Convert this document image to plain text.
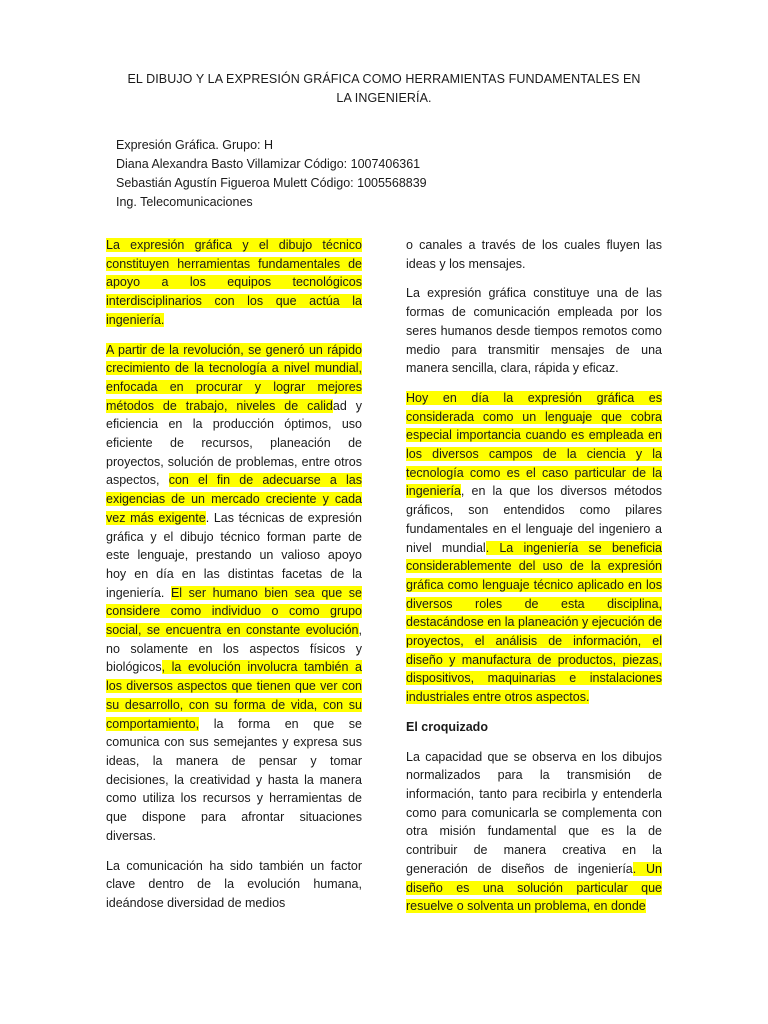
EL DIBUJO Y LA EXPRESIÓN GRÁFICA COMO HERRAMIENTAS FUNDAMENTALES EN LA INGENIERÍA.
Expresión Gráfica. Grupo: H
Diana Alexandra Basto Villamizar Código: 1007406361
Sebastián Agustín Figueroa Mulett Código: 1005568839
Ing. Telecomunicaciones

La expresión gráfica y el dibujo técnico constituyen herramientas fundamentales de apoyo a los equipos tecnológicos interdisciplinarios con los que actúa la ingeniería.

A partir de la revolución, se generó un rápido crecimiento de la tecnología a nivel mundial, enfocada en procurar y lograr mejores métodos de trabajo, niveles de calidad y eficiencia en la producción óptimos, uso eficiente de recursos, planeación de proyectos, solución de problemas, entre otros aspectos, con el fin de adecuarse a las exigencias de un mercado creciente y cada vez más exigente. Las técnicas de expresión gráfica y el dibujo técnico forman parte de este lenguaje, prestando un valioso apoyo hoy en día en las distintas facetas de la ingeniería. El ser humano bien sea que se considere como individuo o como grupo social, se encuentra en constante evolución, no solamente en los aspectos físicos y biológicos, la evolución involucra también a los diversos aspectos que tienen que ver con su desarrollo, con su forma de vida, con su comportamiento, la forma en que se comunica con sus semejantes y expresa sus ideas, la manera de pensar y tomar decisiones, la creatividad y hasta la manera como utiliza los recursos y herramientas de que dispone para afrontar situaciones diversas.

La comunicación ha sido también un factor clave dentro de la evolución humana, ideándose diversidad de medios

o canales a través de los cuales fluyen las ideas y los mensajes.

La expresión gráfica constituye una de las formas de comunicación empleada por los seres humanos desde tiempos remotos como medio para transmitir mensajes de una manera sencilla, clara, rápida y eficaz.

Hoy en día la expresión gráfica es considerada como un lenguaje que cobra especial importancia cuando es empleada en los diversos campos de la ciencia y la tecnología como es el caso particular de la ingeniería, en la que los diversos métodos gráficos, son entendidos como pilares fundamentales en el lenguaje del ingeniero a nivel mundial. La ingeniería se beneficia considerablemente del uso de la expresión gráfica como lenguaje técnico aplicado en los diversos roles de esta disciplina, destacándose en la planeación y ejecución de proyectos, el análisis de información, el diseño y manufactura de productos, piezas, dispositivos, maquinarias e instalaciones industriales entre otros aspectos.

El croquizado

La capacidad que se observa en los dibujos normalizados para la transmisión de información, tanto para recibirla y entenderla como para comunicarla se complementa con otra misión fundamental que es la de contribuir de manera creativa en la generación de diseños de ingeniería. Un diseño es una solución particular que resuelve o solventa un problema, en donde
